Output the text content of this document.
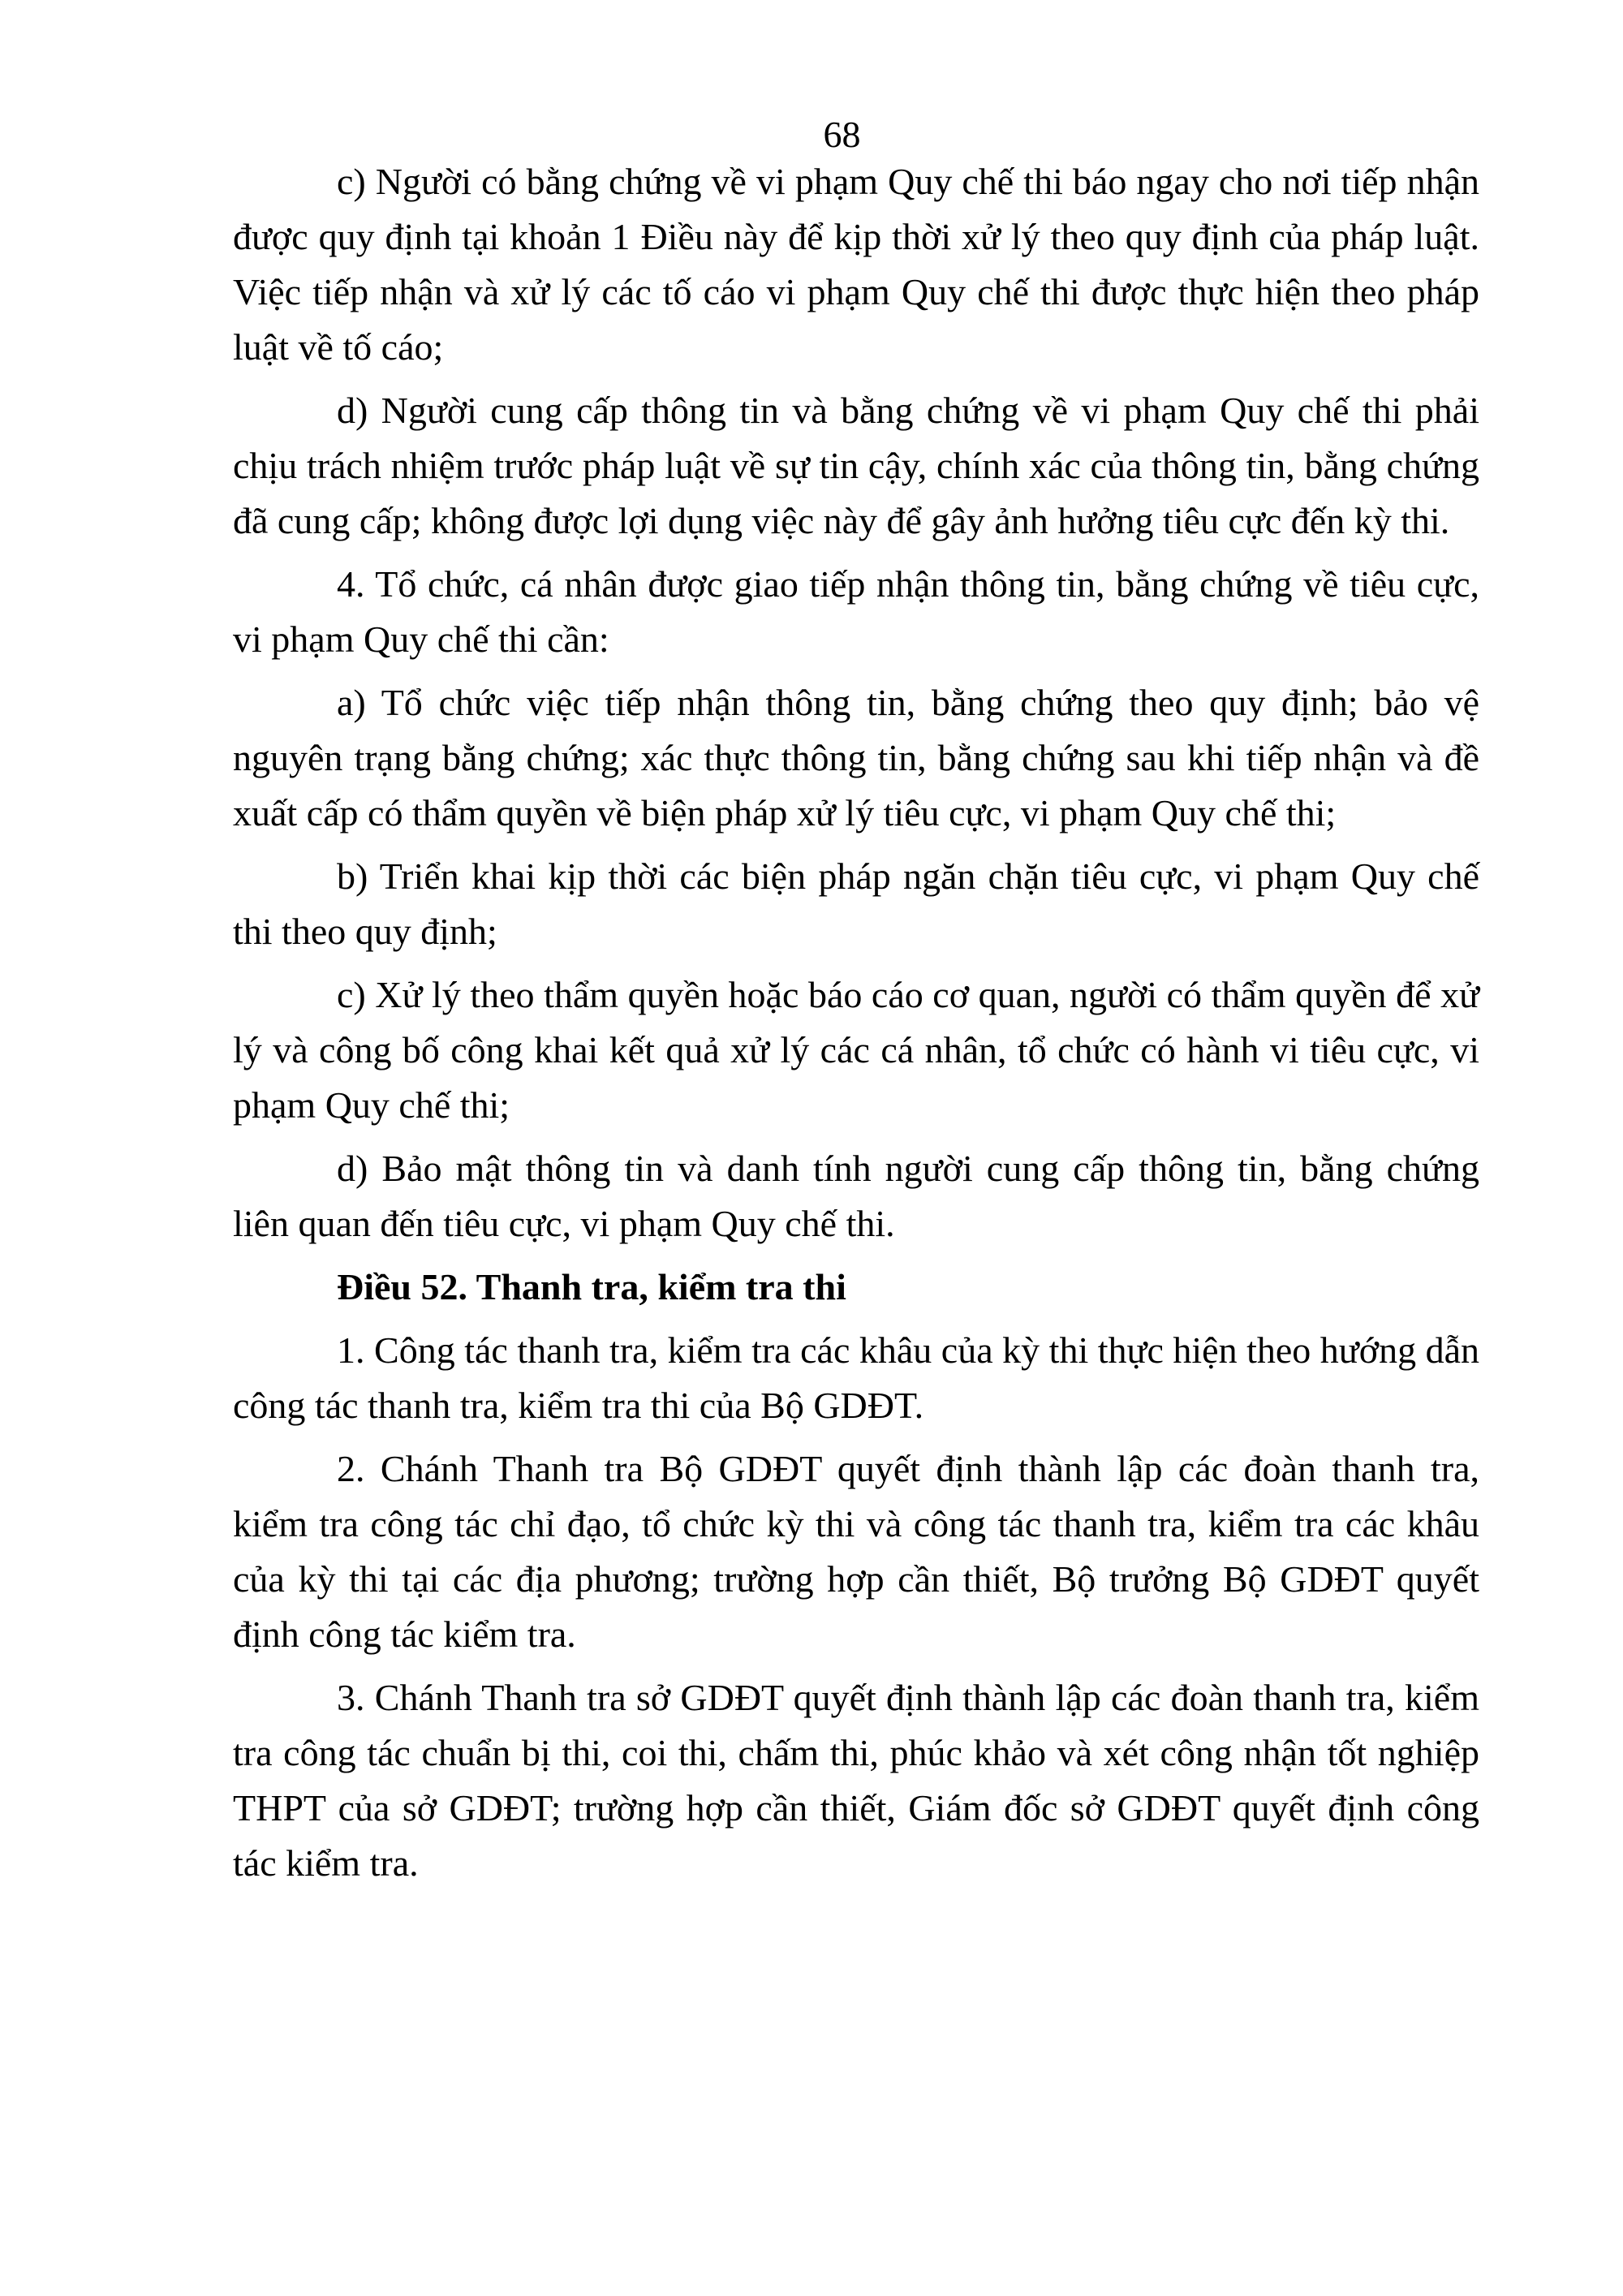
68

c) Người có bằng chứng về vi phạm Quy chế thi báo ngay cho nơi tiếp nhận được quy định tại khoản 1 Điều này để kịp thời xử lý theo quy định của pháp luật. Việc tiếp nhận và xử lý các tố cáo vi phạm Quy chế thi được thực hiện theo pháp luật về tố cáo;

d) Người cung cấp thông tin và bằng chứng về vi phạm Quy chế thi phải chịu trách nhiệm trước pháp luật về sự tin cậy, chính xác của thông tin, bằng chứng đã cung cấp; không được lợi dụng việc này để gây ảnh hưởng tiêu cực đến kỳ thi.

4. Tổ chức, cá nhân được giao tiếp nhận thông tin, bằng chứng về tiêu cực, vi phạm Quy chế thi cần:

a) Tổ chức việc tiếp nhận thông tin, bằng chứng theo quy định; bảo vệ nguyên trạng bằng chứng; xác thực thông tin, bằng chứng sau khi tiếp nhận và đề xuất cấp có thẩm quyền về biện pháp xử lý tiêu cực, vi phạm Quy chế thi;

b) Triển khai kịp thời các biện pháp ngăn chặn tiêu cực, vi phạm Quy chế thi theo quy định;

c) Xử lý theo thẩm quyền hoặc báo cáo cơ quan, người có thẩm quyền để xử lý và công bố công khai kết quả xử lý các cá nhân, tổ chức có hành vi tiêu cực, vi phạm Quy chế thi;

d) Bảo mật thông tin và danh tính người cung cấp thông tin, bằng chứng liên quan đến tiêu cực, vi phạm Quy chế thi.

Điều 52. Thanh tra, kiểm tra thi

1. Công tác thanh tra, kiểm tra các khâu của kỳ thi thực hiện theo hướng dẫn công tác thanh tra, kiểm tra thi của Bộ GDĐT.

2. Chánh Thanh tra Bộ GDĐT quyết định thành lập các đoàn thanh tra, kiểm tra công tác chỉ đạo, tổ chức kỳ thi và công tác thanh tra, kiểm tra các khâu của kỳ thi tại các địa phương; trường hợp cần thiết, Bộ trưởng Bộ GDĐT quyết định công tác kiểm tra.

3. Chánh Thanh tra sở GDĐT quyết định thành lập các đoàn thanh tra, kiểm tra công tác chuẩn bị thi, coi thi, chấm thi, phúc khảo và xét công nhận tốt nghiệp THPT của sở GDĐT; trường hợp cần thiết, Giám đốc sở GDĐT quyết định công tác kiểm tra.
